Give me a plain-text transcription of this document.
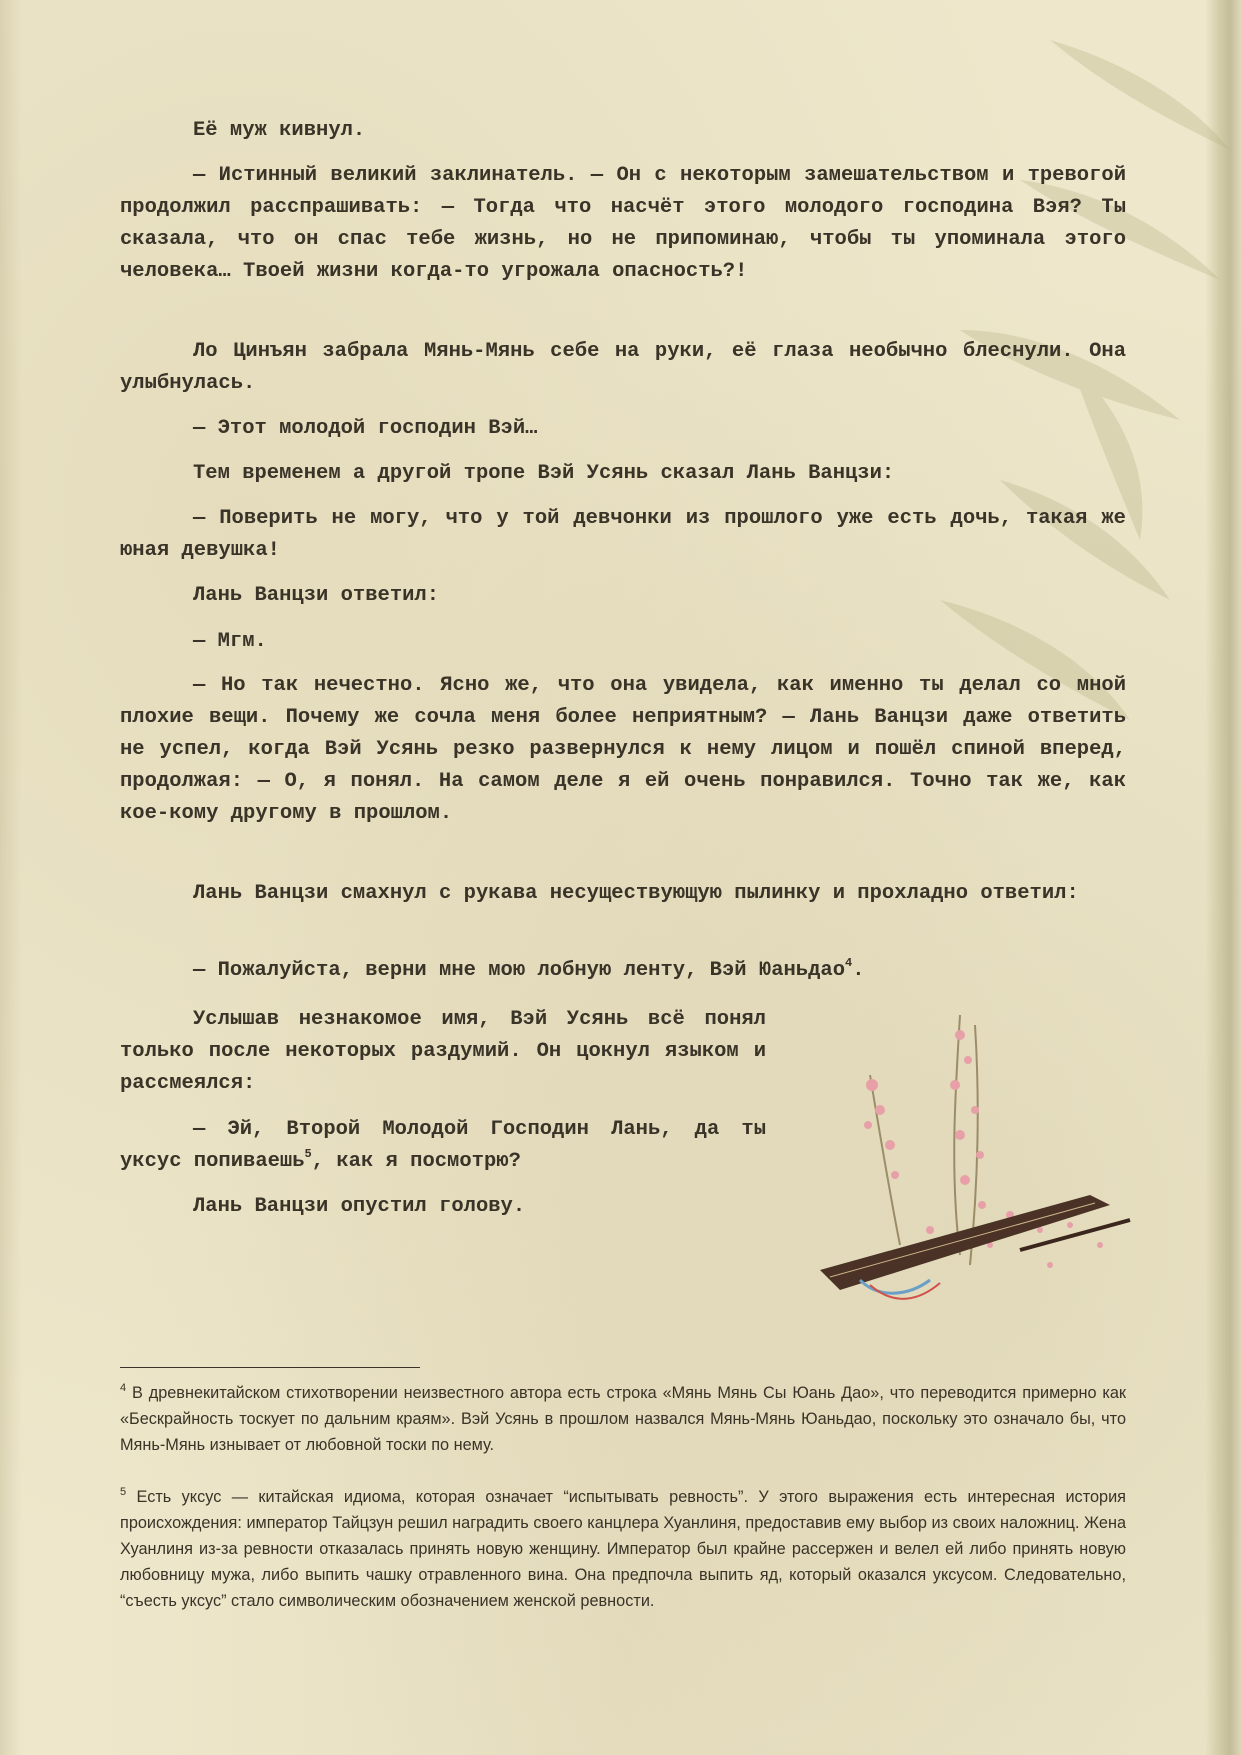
Её муж кивнул.

— Истинный великий заклинатель. — Он с некоторым замешательством и тревогой продолжил расспрашивать: — Тогда что насчёт этого молодого господина Вэя? Ты сказала, что он спас тебе жизнь, но не припоминаю, чтобы ты упоминала этого человека… Твоей жизни когда-то угрожала опасность?!

Ло Цинъян забрала Мянь-Мянь себе на руки, её глаза необычно блеснули. Она улыбнулась.

— Этот молодой господин Вэй…

Тем временем а другой тропе Вэй Усянь сказал Лань Ванцзи:

— Поверить не могу, что у той девчонки из прошлого уже есть дочь, такая же юная девушка!

Лань Ванцзи ответил:

— Мгм.

— Но так нечестно. Ясно же, что она увидела, как именно ты делал со мной плохие вещи. Почему же сочла меня более неприятным? — Лань Ванцзи даже ответить не успел, когда Вэй Усянь резко развернулся к нему лицом и пошёл спиной вперед, продолжая: — О, я понял. На самом деле я ей очень понравился. Точно так же, как кое-кому другому в прошлом.

Лань Ванцзи смахнул с рукава несуществующую пылинку и прохладно ответил:

— Пожалуйста, верни мне мою лобную ленту, Вэй Юаньдао$^4$.

Услышав незнакомое имя, Вэй Усянь всё понял только после некоторых раздумий. Он цокнул языком и рассмеялся:

— Эй, Второй Молодой Господин Лань, да ты уксус попиваешь$^5$, как я посмотрю?

Лань Ванцзи опустил голову.

$^4$ В древнекитайском стихотворении неизвестного автора есть строка «Мянь Мянь Сы Юань Дао», что переводится примерно как «Бескрайность тоскует по дальним краям». Вэй Усянь в прошлом назвался Мянь-Мянь Юаньдао, поскольку это означало бы, что Мянь-Мянь изнывает от любовной тоски по нему.

$^5$ Есть уксус — китайская идиома, которая означает “испытывать ревность”. У этого выражения есть интересная история происхождения: император Тайцзун решил наградить своего канцлера Хуанлиня, предоставив ему выбор из своих наложниц. Жена Хуанлиня из-за ревности отказалась принять новую женщину. Император был крайне рассержен и велел ей либо принять новую любовницу мужа, либо выпить чашку отравленного вина. Она предпочла выпить яд, который оказался уксусом. Следовательно, “съесть уксус” стало символическим обозначением женской ревности.
